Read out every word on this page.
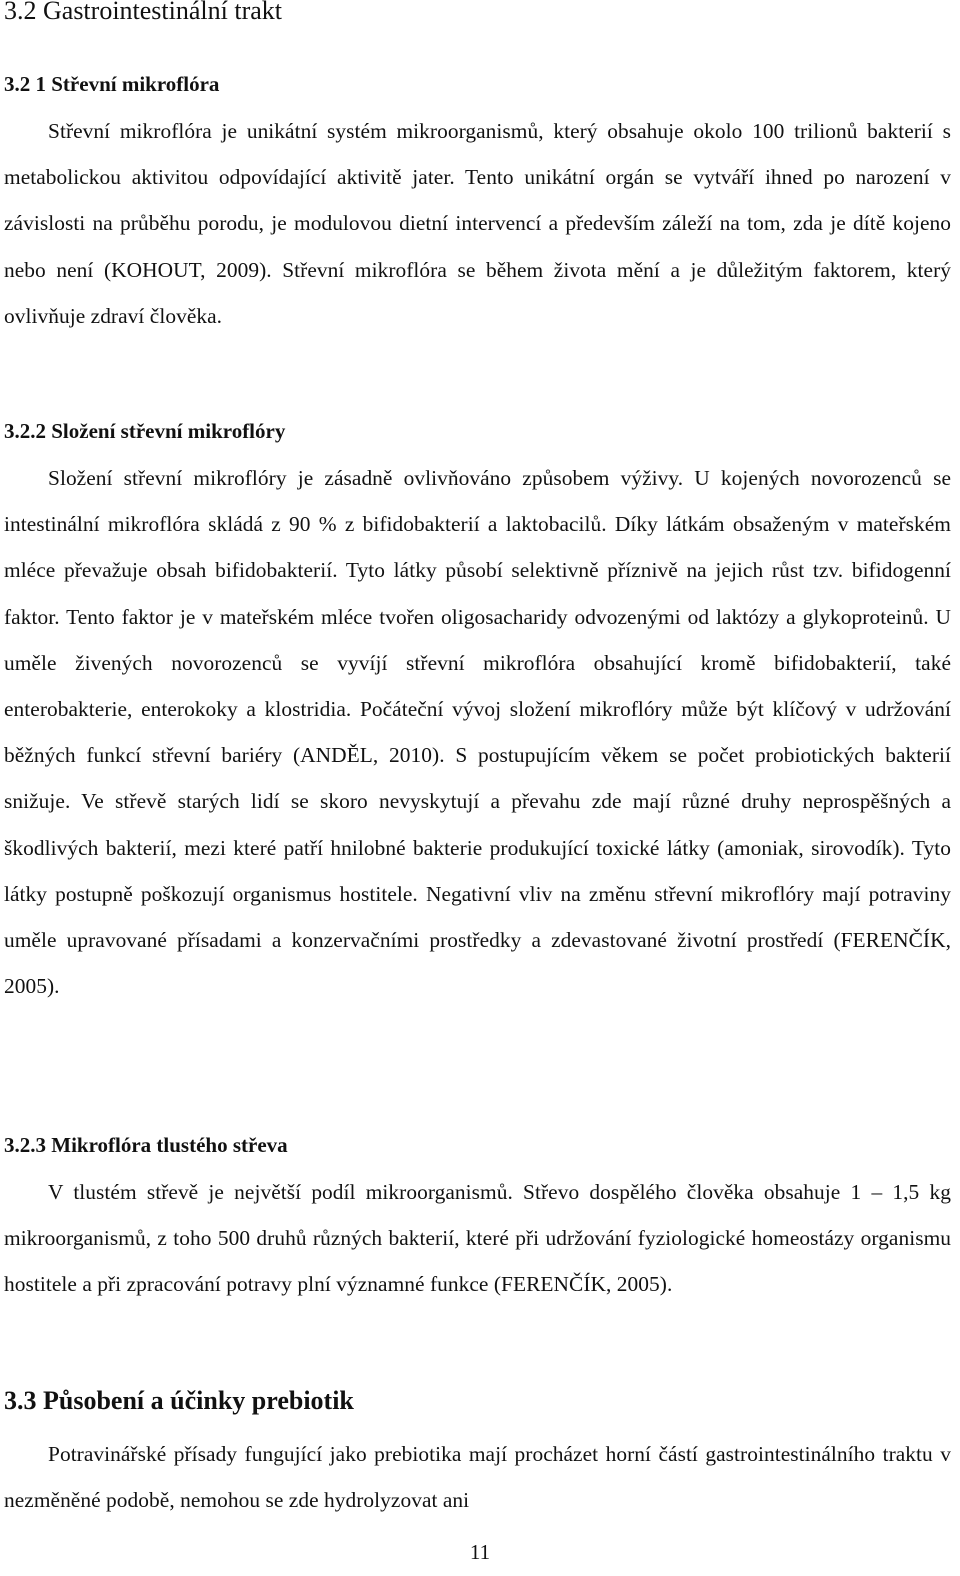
3.2 Gastrointestinální trakt
3.2 1 Střevní mikroflóra

Střevní mikroflóra je unikátní systém mikroorganismů, který obsahuje okolo 100 trilionů bakterií s metabolickou aktivitou odpovídající aktivitě jater. Tento unikátní orgán se vytváří ihned po narození v závislosti na průběhu porodu, je modulovou dietní intervencí a především záleží na tom, zda je dítě kojeno nebo není (KOHOUT, 2009). Střevní mikroflóra se během života mění a je důležitým faktorem, který ovlivňuje zdraví člověka.

3.2.2 Složení střevní mikroflóry

Složení střevní mikroflóry je zásadně ovlivňováno způsobem výživy. U kojených novorozenců se intestinální mikroflóra skládá z 90 % z bifidobakterií a laktobacilů. Díky látkám obsaženým v mateřském mléce převažuje obsah bifidobakterií. Tyto látky působí selektivně příznivě na jejich růst tzv. bifidogenní faktor. Tento faktor je v mateřském mléce tvořen oligosacharidy odvozenými od laktózy a glykoproteinů. U uměle živených novorozenců se vyvíjí střevní mikroflóra obsahující kromě bifidobakterií, také enterobakterie, enterokoky a klostridia. Počáteční vývoj složení mikroflóry může být klíčový v udržování běžných funkcí střevní bariéry (ANDĚL, 2010). S postupujícím věkem se počet probiotických bakterií snižuje. Ve střevě starých lidí se skoro nevyskytují a převahu zde mají různé druhy neprospěšných a škodlivých bakterií, mezi které patří hnilobné bakterie produkující toxické látky (amoniak, sirovodík). Tyto látky postupně poškozují organismus hostitele. Negativní vliv na změnu střevní mikroflóry mají potraviny uměle upravované přísadami a konzervačními prostředky a zdevastované životní prostředí (FERENČÍK, 2005).

3.2.3 Mikroflóra tlustého střeva

V tlustém střevě je největší podíl mikroorganismů. Střevo dospělého člověka obsahuje 1 – 1,5 kg mikroorganismů, z toho 500 druhů různých bakterií, které při udržování fyziologické homeostázy organismu hostitele a při zpracování potravy plní významné funkce (FERENČÍK, 2005).

3.3 Působení a účinky prebiotik

Potravinářské přísady fungující jako prebiotika mají procházet horní částí gastrointestinálního traktu v nezměněné podobě, nemohou se zde hydrolyzovat ani

11
